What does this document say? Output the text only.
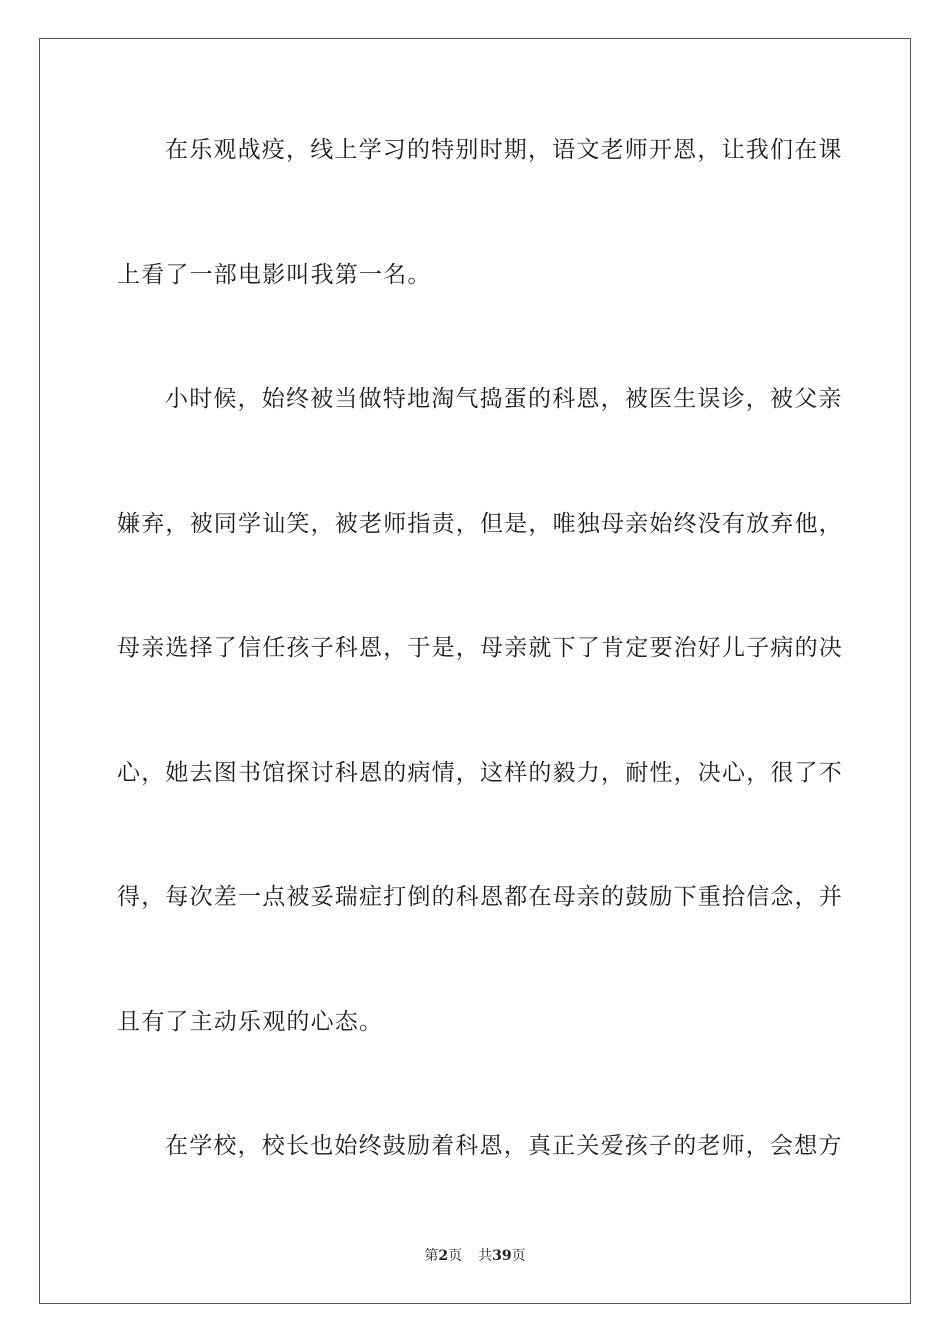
在乐观战疫，线上学习的特别时期，语文老师开恩，让我们在课
上看了一部电影叫我第一名。
小时候，始终被当做特地淘气捣蛋的科恩，被医生误诊，被父亲
嫌弃，被同学讪笑，被老师指责，但是，唯独母亲始终没有放弃他，
母亲选择了信任孩子科恩，于是，母亲就下了肯定要治好儿子病的决
心，她去图书馆探讨科恩的病情，这样的毅力，耐性，决心，很了不
得，每次差一点被妥瑞症打倒的科恩都在母亲的鼓励下重拾信念，并
且有了主动乐观的心态。
在学校，校长也始终鼓励着科恩，真正关爱孩子的老师，会想方
第2页 共39页
